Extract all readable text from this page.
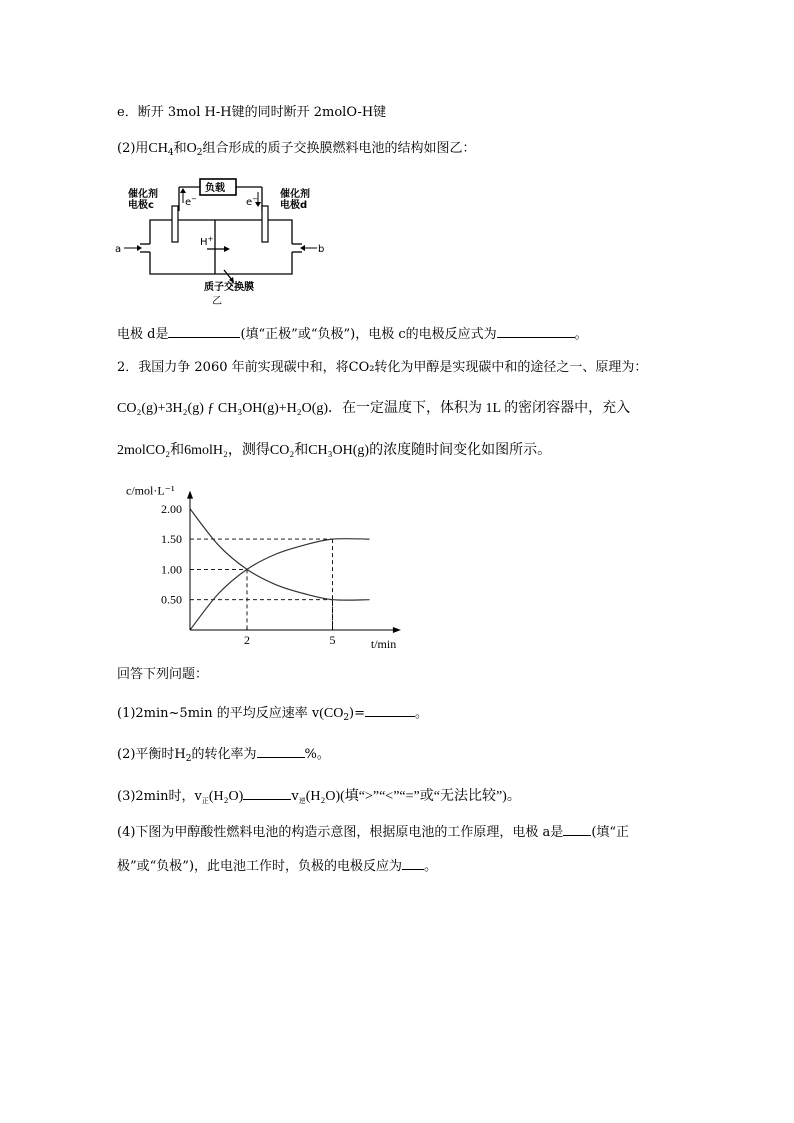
e．断开 3mol H-H键的同时断开 2molO-H键
(2)用$CH_4$和$O_2$组合形成的质子交换膜燃料电池的结构如图乙：
负载
催化剂
电极c
催化剂
电极d
质子交换膜
e−	e−
H+
a	b
乙
电极 d是	(填“正极”或“负极”)，电极 c的电极反应式为	。
2．我国力争 2060 年前实现碳中和，将CO₂转化为甲醇是实现碳中和的途径之一、原理为：
CO₂(g)+3H₂(g) ƒ CH₃OH(g)+H₂O(g)．在一定温度下，体积为 1L 的密闭容器中，充入
2molCO₂和6molH₂，测得CO₂和CH₃OH(g)的浓度随时间变化如图所示。
c/mol·L⁻¹
t/min
2.00
1.50
1.00
0.50
2	5
回答下列问题：
(1)2min~5min 的平均反应速率 $v(CO_2)=$	。
(2)平衡时$H_2$的转化率为	%。
(3)2min时，$v_正(H_2O)$	$v_逆(H_2O)$(填“>”“<”“=”或“无法比较”)。
(4)下图为甲醇酸性燃料电池的构造示意图，根据原电池的工作原理，电极 a是 (填“正
极”或“负极”)，此电池工作时，负极的电极反应为 。
